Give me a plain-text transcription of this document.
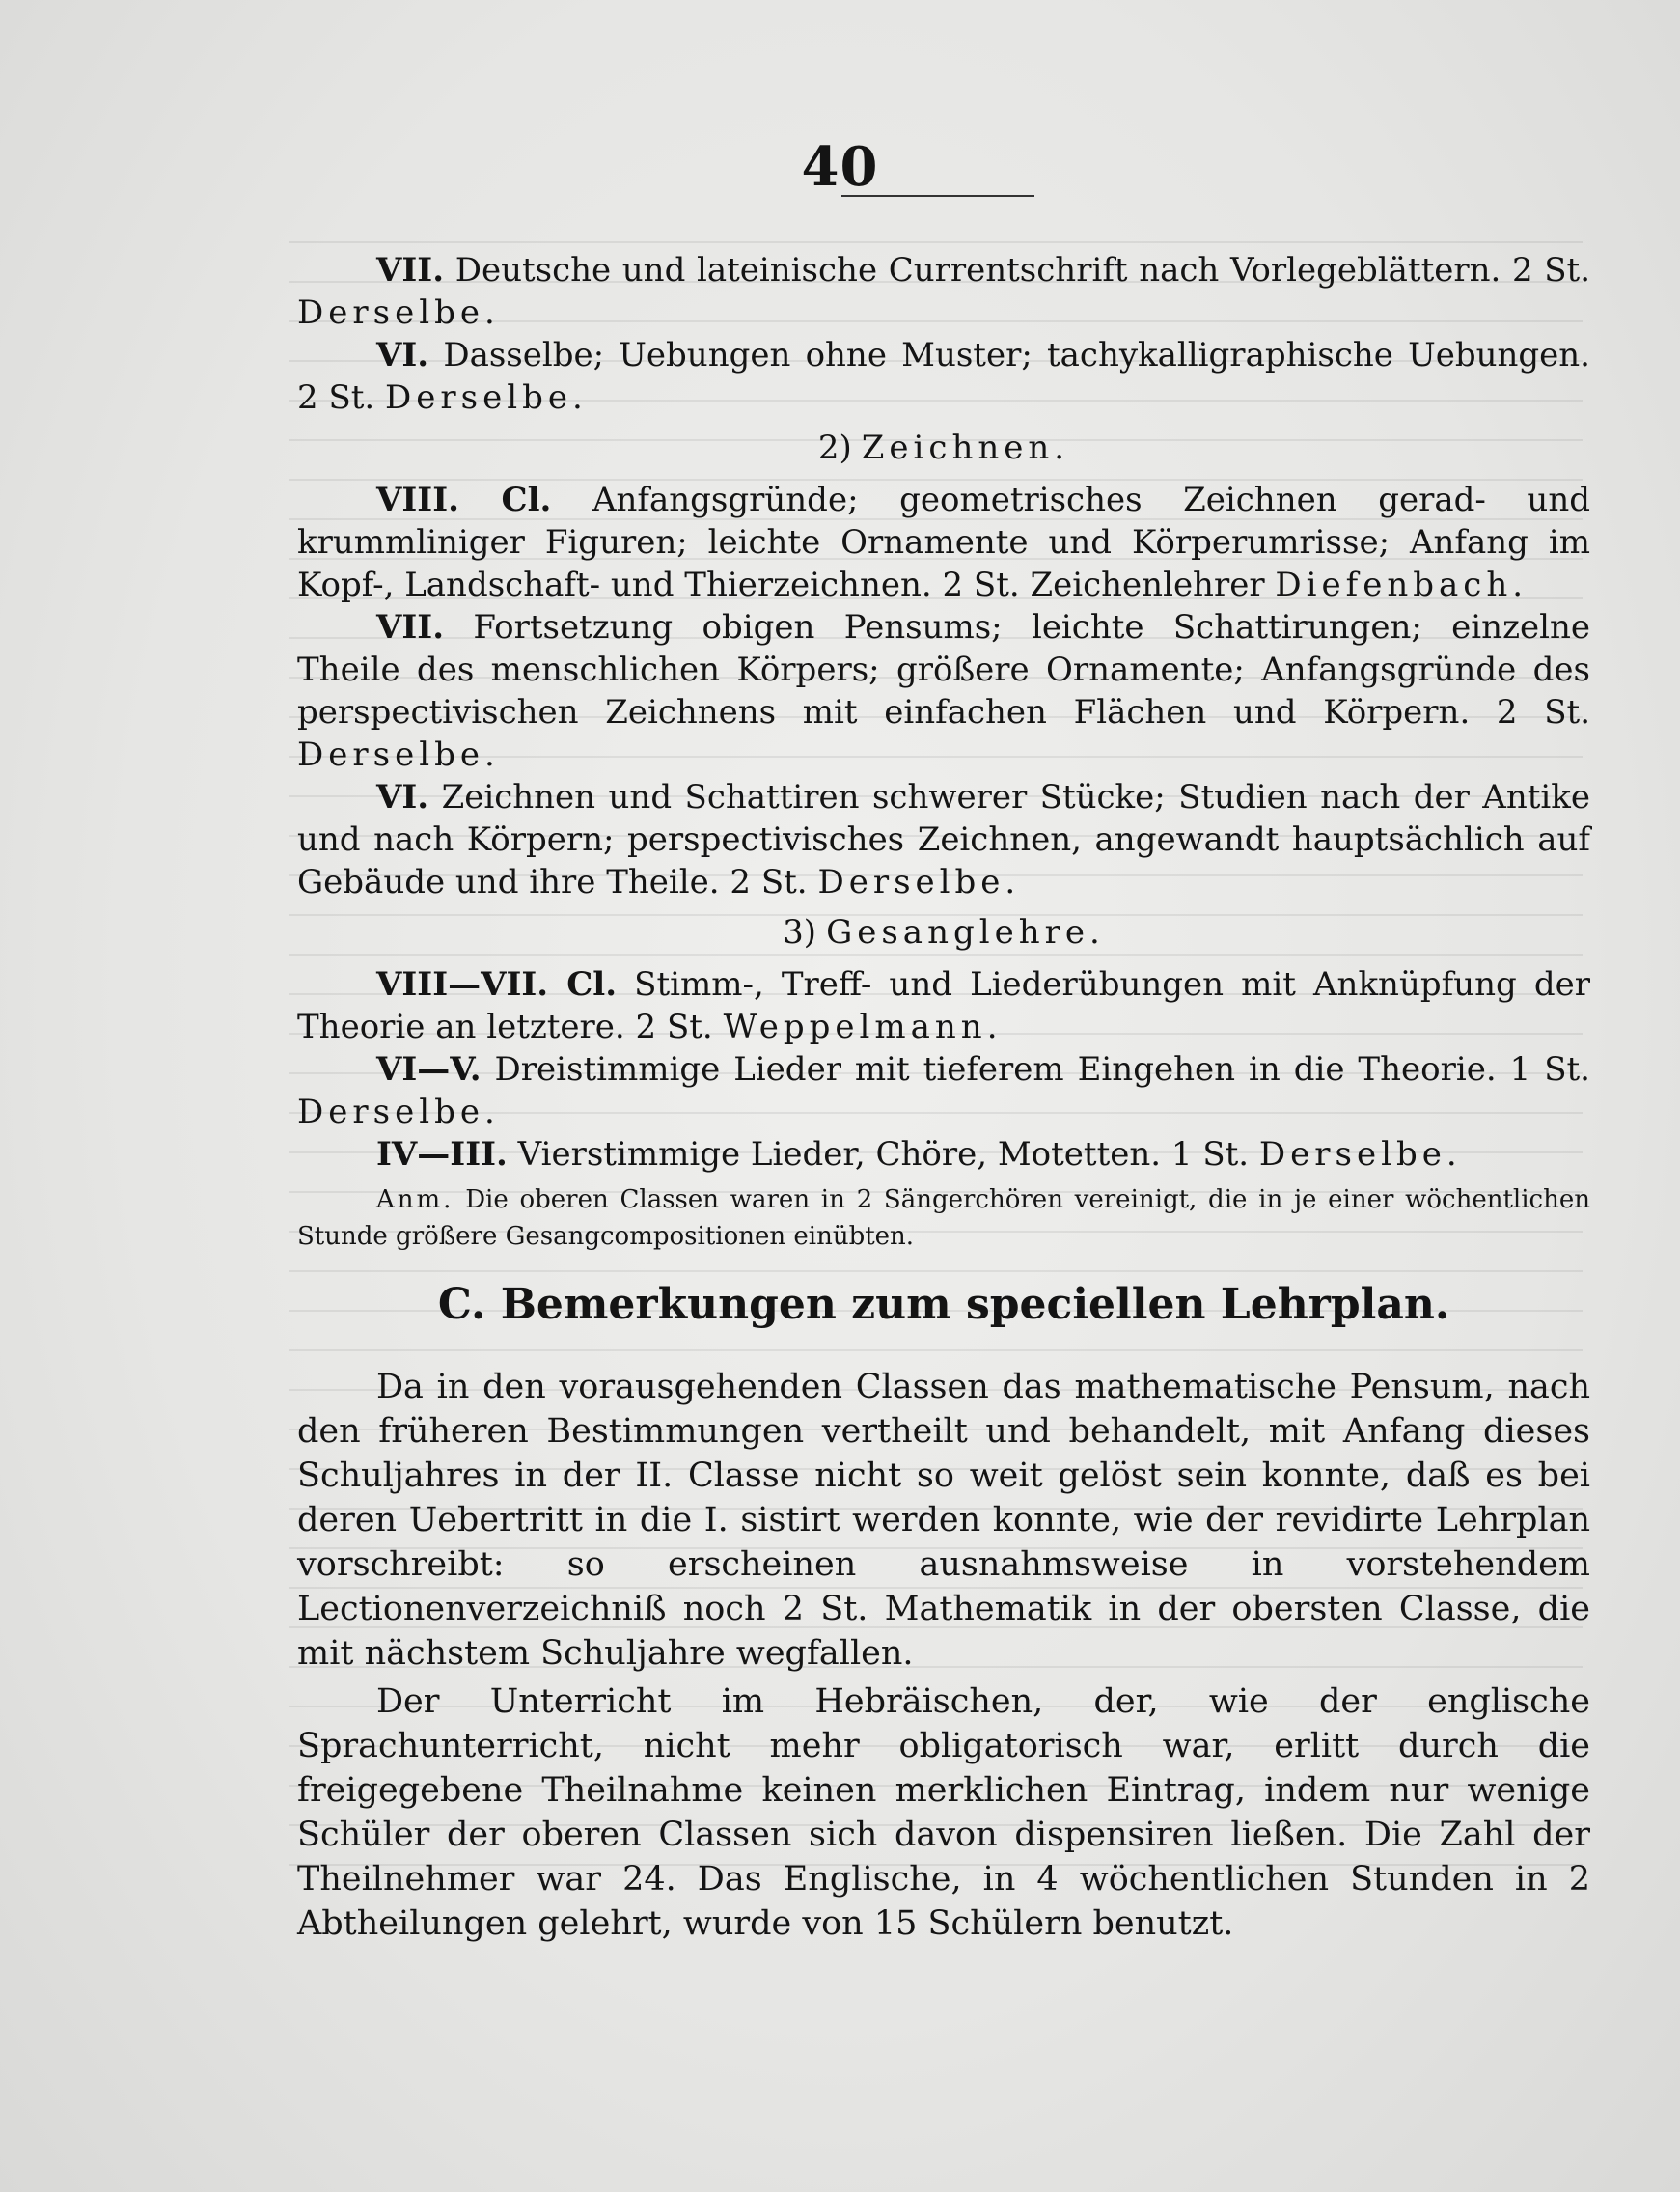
40

VII. Deutsche und lateinische Currentschrift nach Vorlegeblättern. 2 St. Derselbe.

VI. Dasselbe; Uebungen ohne Muster; tachykalligraphische Uebungen. 2 St. Derselbe.

2) Zeichnen.

VIII. Cl. Anfangsgründe; geometrisches Zeichnen gerad- und krummliniger Figuren; leichte Ornamente und Körperumrisse; Anfang im Kopf-, Landschaft- und Thierzeichnen. 2 St. Zeichenlehrer Diefenbach.

VII. Fortsetzung obigen Pensums; leichte Schattirungen; einzelne Theile des menschlichen Körpers; größere Ornamente; Anfangsgründe des perspectivischen Zeichnens mit einfachen Flächen und Körpern. 2 St. Derselbe.

VI. Zeichnen und Schattiren schwerer Stücke; Studien nach der Antike und nach Körpern; perspectivisches Zeichnen, angewandt hauptsächlich auf Gebäude und ihre Theile. 2 St. Derselbe.

3) Gesanglehre.

VIII—VII. Cl. Stimm-, Treff- und Liederübungen mit Anknüpfung der Theorie an letztere. 2 St. Weppelmann.

VI—V. Dreistimmige Lieder mit tieferem Eingehen in die Theorie. 1 St. Derselbe.

IV—III. Vierstimmige Lieder, Chöre, Motetten. 1 St. Derselbe.

Anm. Die oberen Classen waren in 2 Sängerchören vereinigt, die in je einer wöchentlichen Stunde größere Gesangcompositionen einübten.

C. Bemerkungen zum speciellen Lehrplan.

Da in den vorausgehenden Classen das mathematische Pensum, nach den früheren Bestimmungen vertheilt und behandelt, mit Anfang dieses Schuljahres in der II. Classe nicht so weit gelöst sein konnte, daß es bei deren Uebertritt in die I. sistirt werden konnte, wie der revidirte Lehrplan vorschreibt: so erscheinen ausnahmsweise in vorstehendem Lectionenverzeichniß noch 2 St. Mathematik in der obersten Classe, die mit nächstem Schuljahre wegfallen.

Der Unterricht im Hebräischen, der, wie der englische Sprachunterricht, nicht mehr obligatorisch war, erlitt durch die freigegebene Theilnahme keinen merklichen Eintrag, indem nur wenige Schüler der oberen Classen sich davon dispensiren ließen. Die Zahl der Theilnehmer war 24. Das Englische, in 4 wöchentlichen Stunden in 2 Abtheilungen gelehrt, wurde von 15 Schülern benutzt.
